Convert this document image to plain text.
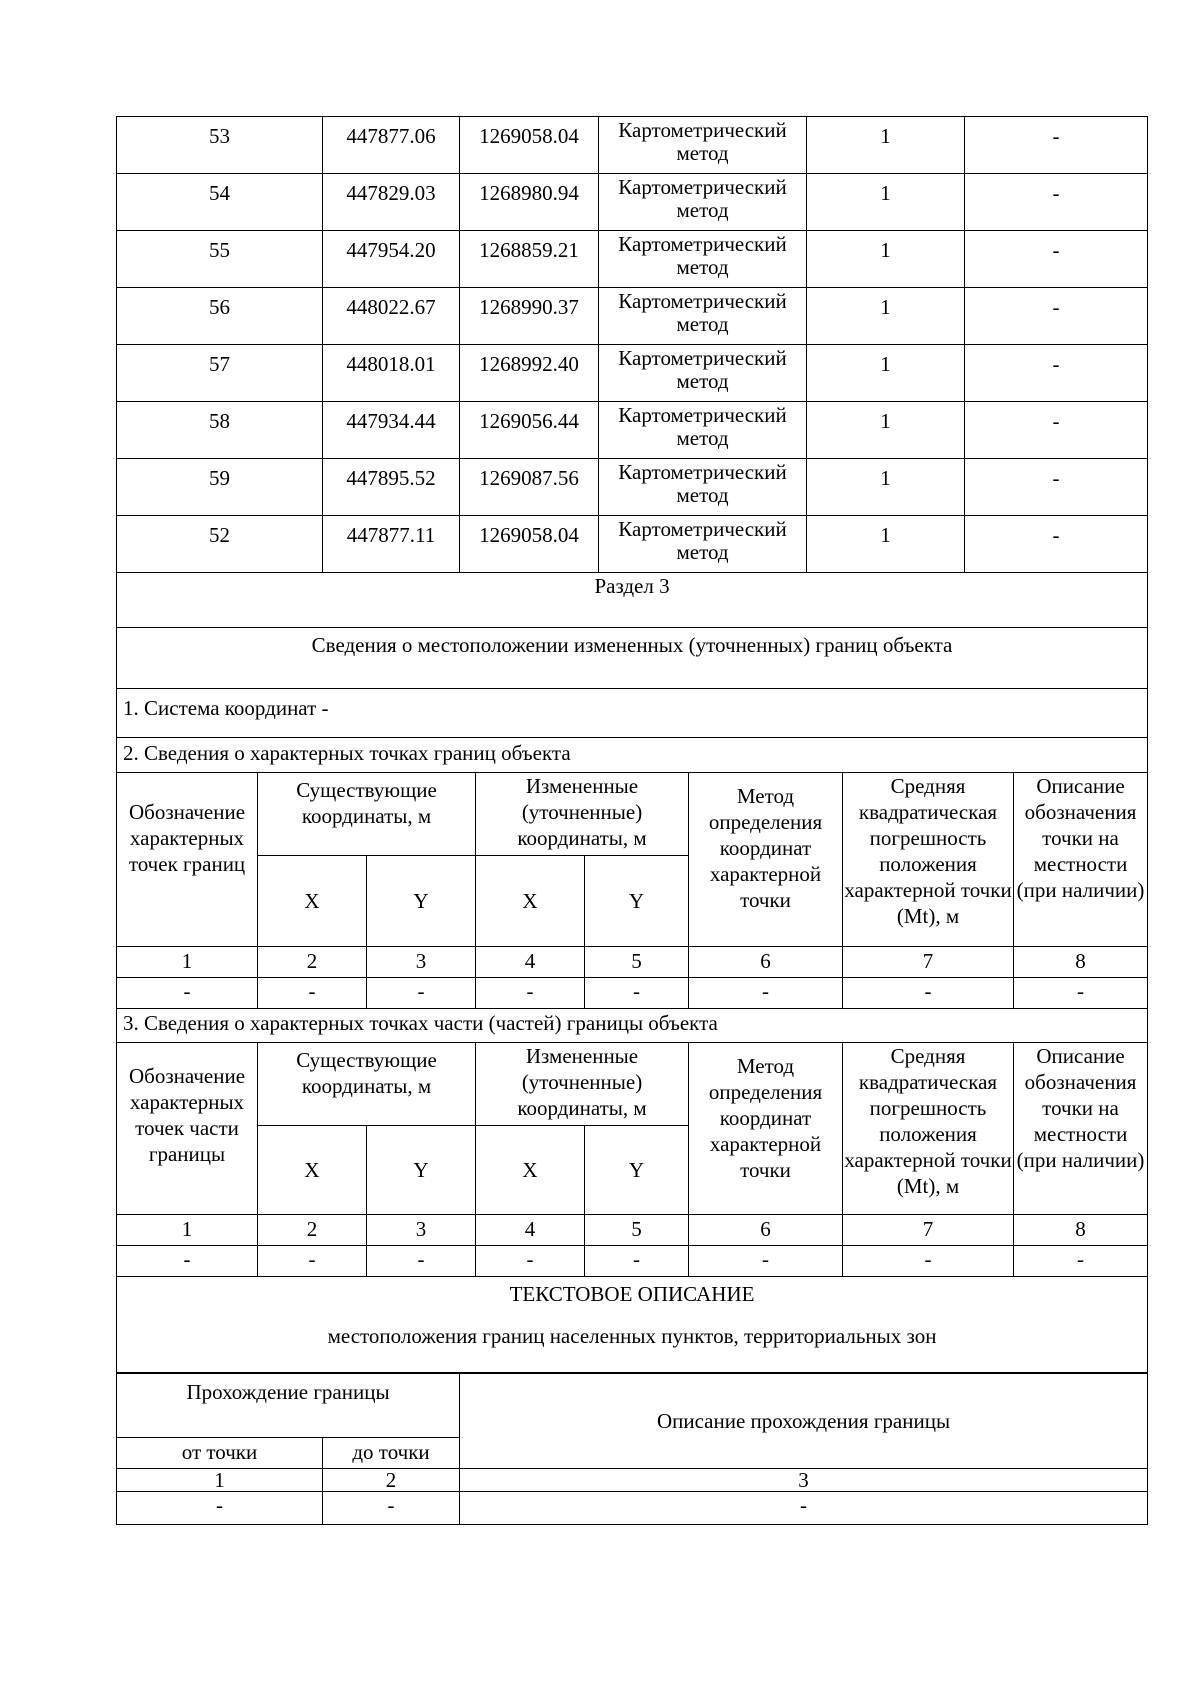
53	447877.06	1269058.04	Картометрический метод	1	-
54	447829.03	1268980.94	Картометрический метод	1	-
55	447954.20	1268859.21	Картометрический метод	1	-
56	448022.67	1268990.37	Картометрический метод	1	-
57	448018.01	1268992.40	Картометрический метод	1	-
58	447934.44	1269056.44	Картометрический метод	1	-
59	447895.52	1269087.56	Картометрический метод	1	-
52	447877.11	1269058.04	Картометрический метод	1	-
Раздел 3							
Сведения о местоположении измененных (уточненных) границ объекта							
1. Система координат -							
2. Сведения о характерных точках границ объекта							
Обозначение характерных точек границ	Существующие координаты, м		Измененные (уточненные) координаты, м		Метод определения координат характерной точки	Средняя квадратическая погрешность положения характерной точки (Mt), м	Описание обозначения точки на местности (при наличии)
	X	Y	X	Y			
1	2	3	4	5	6	7	8
-	-	-	-	-	-	-	-
3. Сведения о характерных точках части (частей) границы объекта							
Обозначение характерных точек части границы	Существующие координаты, м		Измененные (уточненные) координаты, м		Метод определения координат характерной точки	Средняя квадратическая погрешность положения характерной точки (Mt), м	Описание обозначения точки на местности (при наличии)
	X	Y	X	Y			
1	2	3	4	5	6	7	8
-	-	-	-	-	-	-	-

ТЕКСТОВОЕ ОПИСАНИЕ
местоположения границ населенных пунктов, территориальных зон							
Прохождение границы		Описание прохождения границы
от точки	до точки	
1	2	3
-	-	-
